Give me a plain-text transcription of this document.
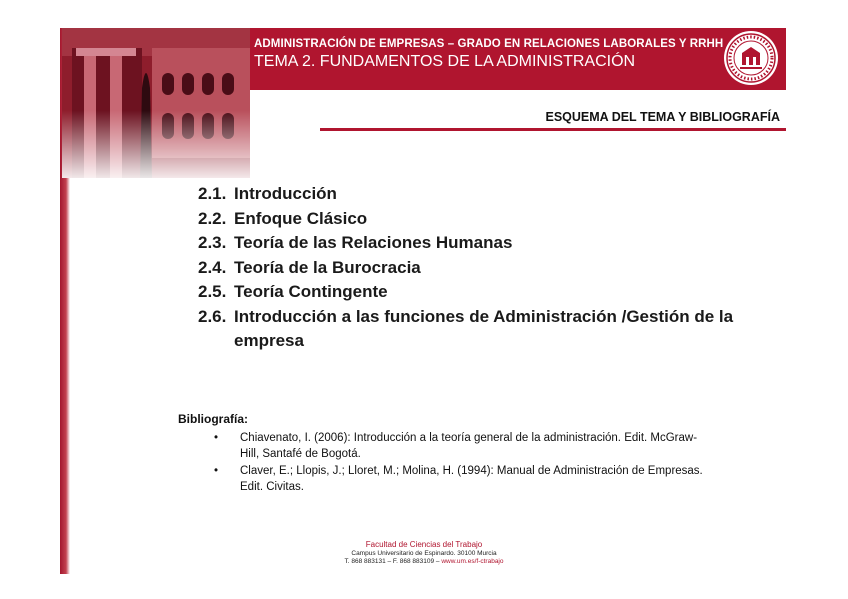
ADMINISTRACIÓN DE EMPRESAS – GRADO EN RELACIONES LABORALES Y RRHH
TEMA 2. FUNDAMENTOS DE LA ADMINISTRACIÓN
ESQUEMA DEL TEMA Y BIBLIOGRAFÍA
2.1. Introducción
2.2. Enfoque Clásico
2.3. Teoría de las Relaciones Humanas
2.4. Teoría de la Burocracia
2.5. Teoría Contingente
2.6. Introducción a las funciones de Administración /Gestión de la empresa
Bibliografía:
•	Chiavenato, I. (2006): Introducción a la teoría general de la administración. Edit. McGraw-Hill, Santafé de Bogotá.
•	Claver, E.; Llopis, J.; Lloret, M.; Molina, H. (1994): Manual de Administración de Empresas. Edit. Civitas.
Facultad de Ciencias del Trabajo
Campus Universitario de Espinardo. 30100 Murcia
T. 868 883131 – F. 868 883109 – www.um.es/f-ctrabajo
